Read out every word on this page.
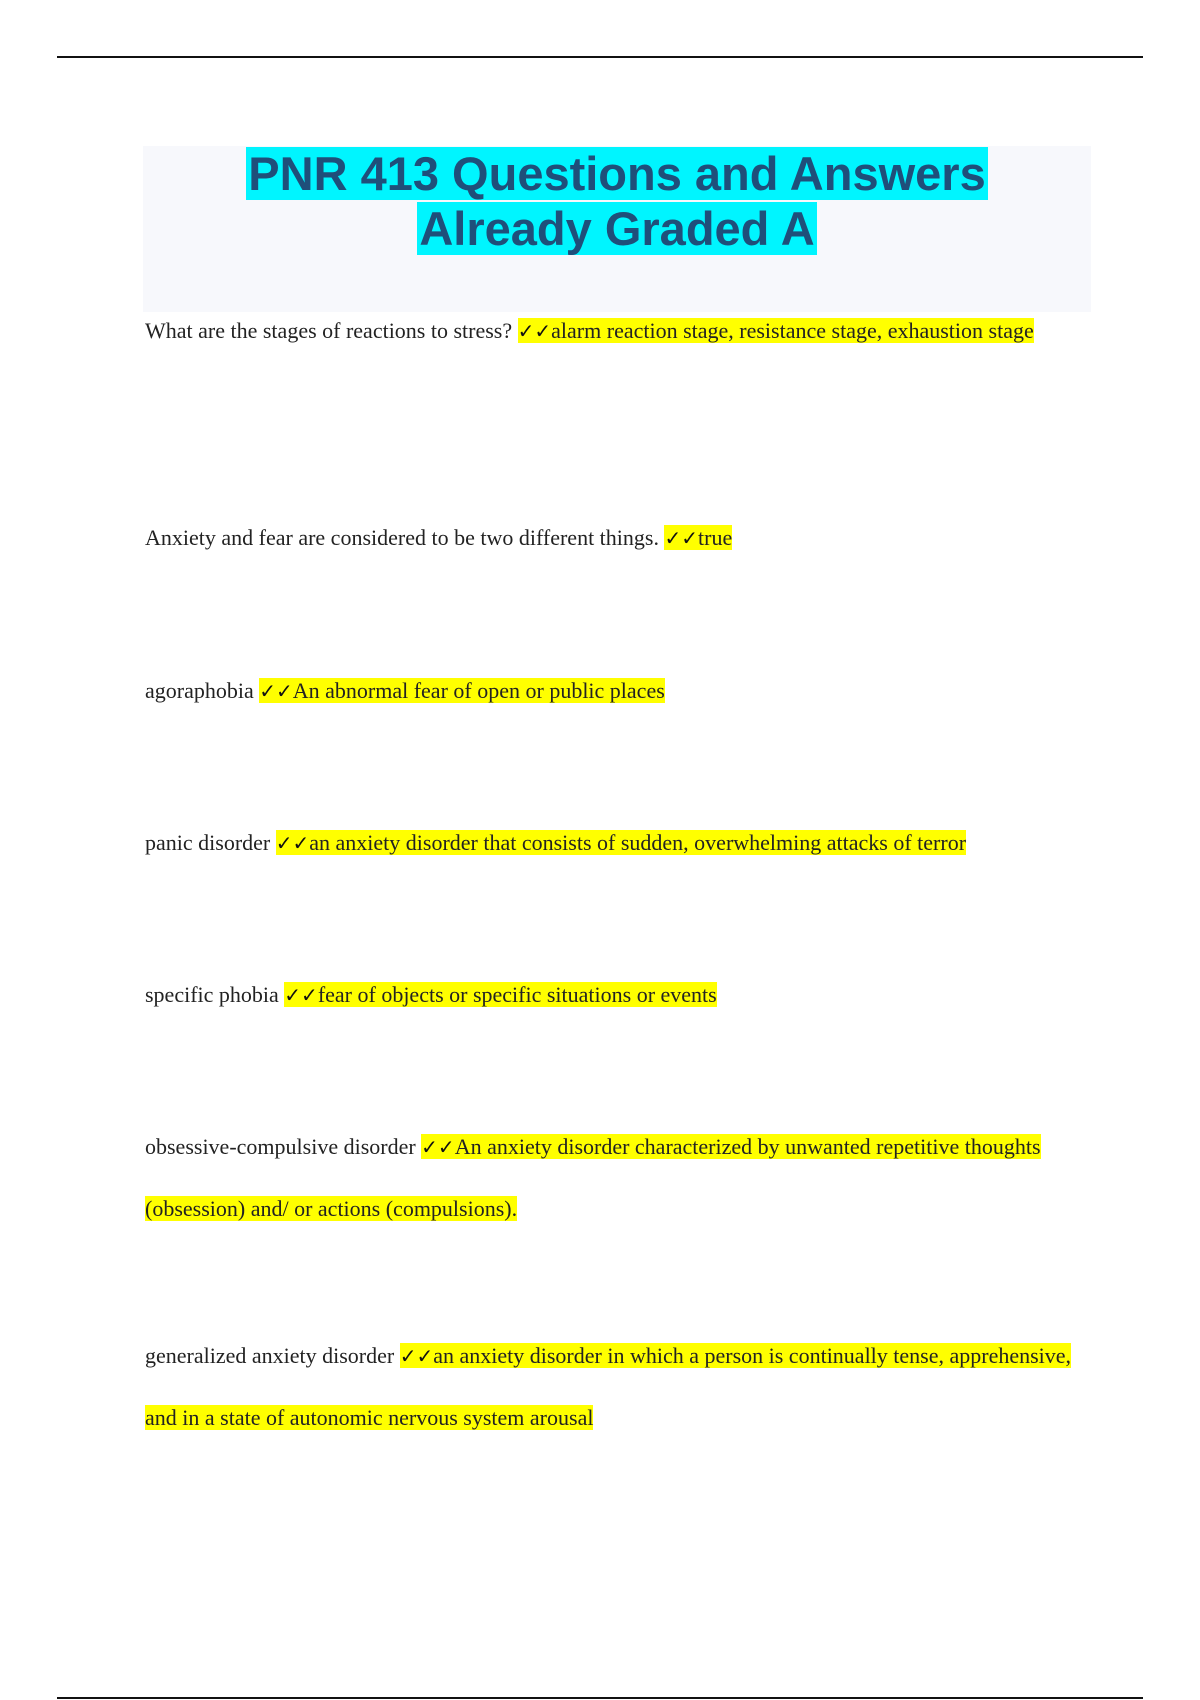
PNR 413 Questions and Answers
Already Graded A

What are the stages of reactions to stress? ✓✓alarm reaction stage, resistance stage, exhaustion stage

Anxiety and fear are considered to be two different things. ✓✓true

agoraphobia ✓✓An abnormal fear of open or public places

panic disorder ✓✓an anxiety disorder that consists of sudden, overwhelming attacks of terror

specific phobia ✓✓fear of objects or specific situations or events

obsessive-compulsive disorder ✓✓An anxiety disorder characterized by unwanted repetitive thoughts (obsession) and/ or actions (compulsions).

generalized anxiety disorder ✓✓an anxiety disorder in which a person is continually tense, apprehensive, and in a state of autonomic nervous system arousal
